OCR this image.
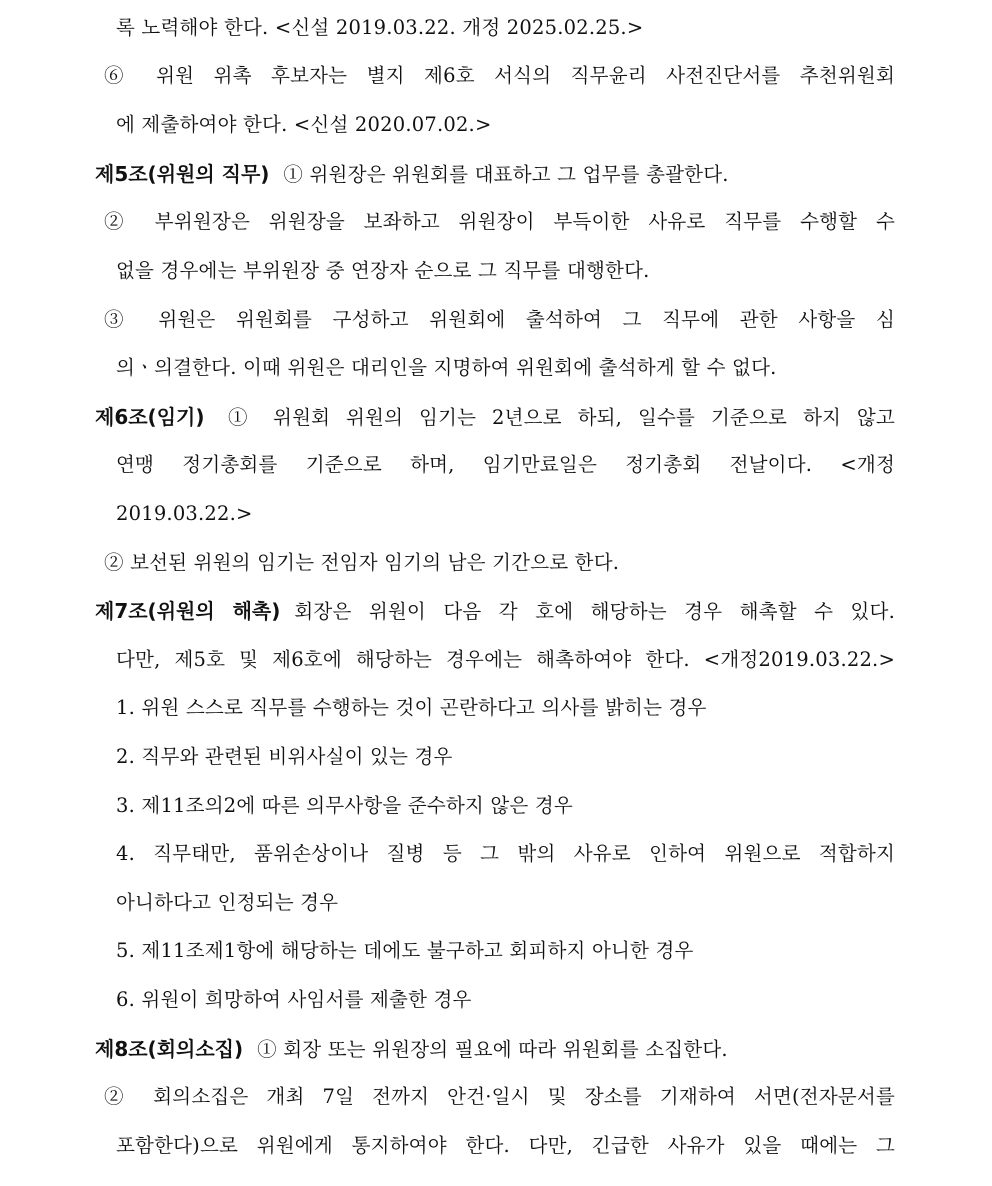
록 노력해야 한다. <신설 2019.03.22. 개정 2025.02.25.>
⑥ 위원 위촉 후보자는 별지 제6호 서식의 직무윤리 사전진단서를 추천위원회
에 제출하여야 한다. <신설 2020.07.02.>
제5조(위원의 직무) ① 위원장은 위원회를 대표하고 그 업무를 총괄한다.
② 부위원장은 위원장을 보좌하고 위원장이 부득이한 사유로 직무를 수행할 수
없을 경우에는 부위원장 중 연장자 순으로 그 직무를 대행한다.
③ 위원은 위원회를 구성하고 위원회에 출석하여 그 직무에 관한 사항을 심
의ㆍ의결한다. 이때 위원은 대리인을 지명하여 위원회에 출석하게 할 수 없다.
제6조(임기) ① 위원회 위원의 임기는 2년으로 하되, 일수를 기준으로 하지 않고
연맹 정기총회를 기준으로 하며, 임기만료일은 정기총회 전날이다. <개정
2019.03.22.>
② 보선된 위원의 임기는 전임자 임기의 남은 기간으로 한다.
제7조(위원의 해촉) 회장은 위원이 다음 각 호에 해당하는 경우 해촉할 수 있다.
다만, 제5호 및 제6호에 해당하는 경우에는 해촉하여야 한다. <개정2019.03.22.>
1. 위원 스스로 직무를 수행하는 것이 곤란하다고 의사를 밝히는 경우
2. 직무와 관련된 비위사실이 있는 경우
3. 제11조의2에 따른 의무사항을 준수하지 않은 경우
4. 직무태만, 품위손상이나 질병 등 그 밖의 사유로 인하여 위원으로 적합하지
아니하다고 인정되는 경우
5. 제11조제1항에 해당하는 데에도 불구하고 회피하지 아니한 경우
6. 위원이 희망하여 사임서를 제출한 경우
제8조(회의소집) ① 회장 또는 위원장의 필요에 따라 위원회를 소집한다.
② 회의소집은 개최 7일 전까지 안건·일시 및 장소를 기재하여 서면(전자문서를
포함한다)으로 위원에게 통지하여야 한다. 다만, 긴급한 사유가 있을 때에는 그
